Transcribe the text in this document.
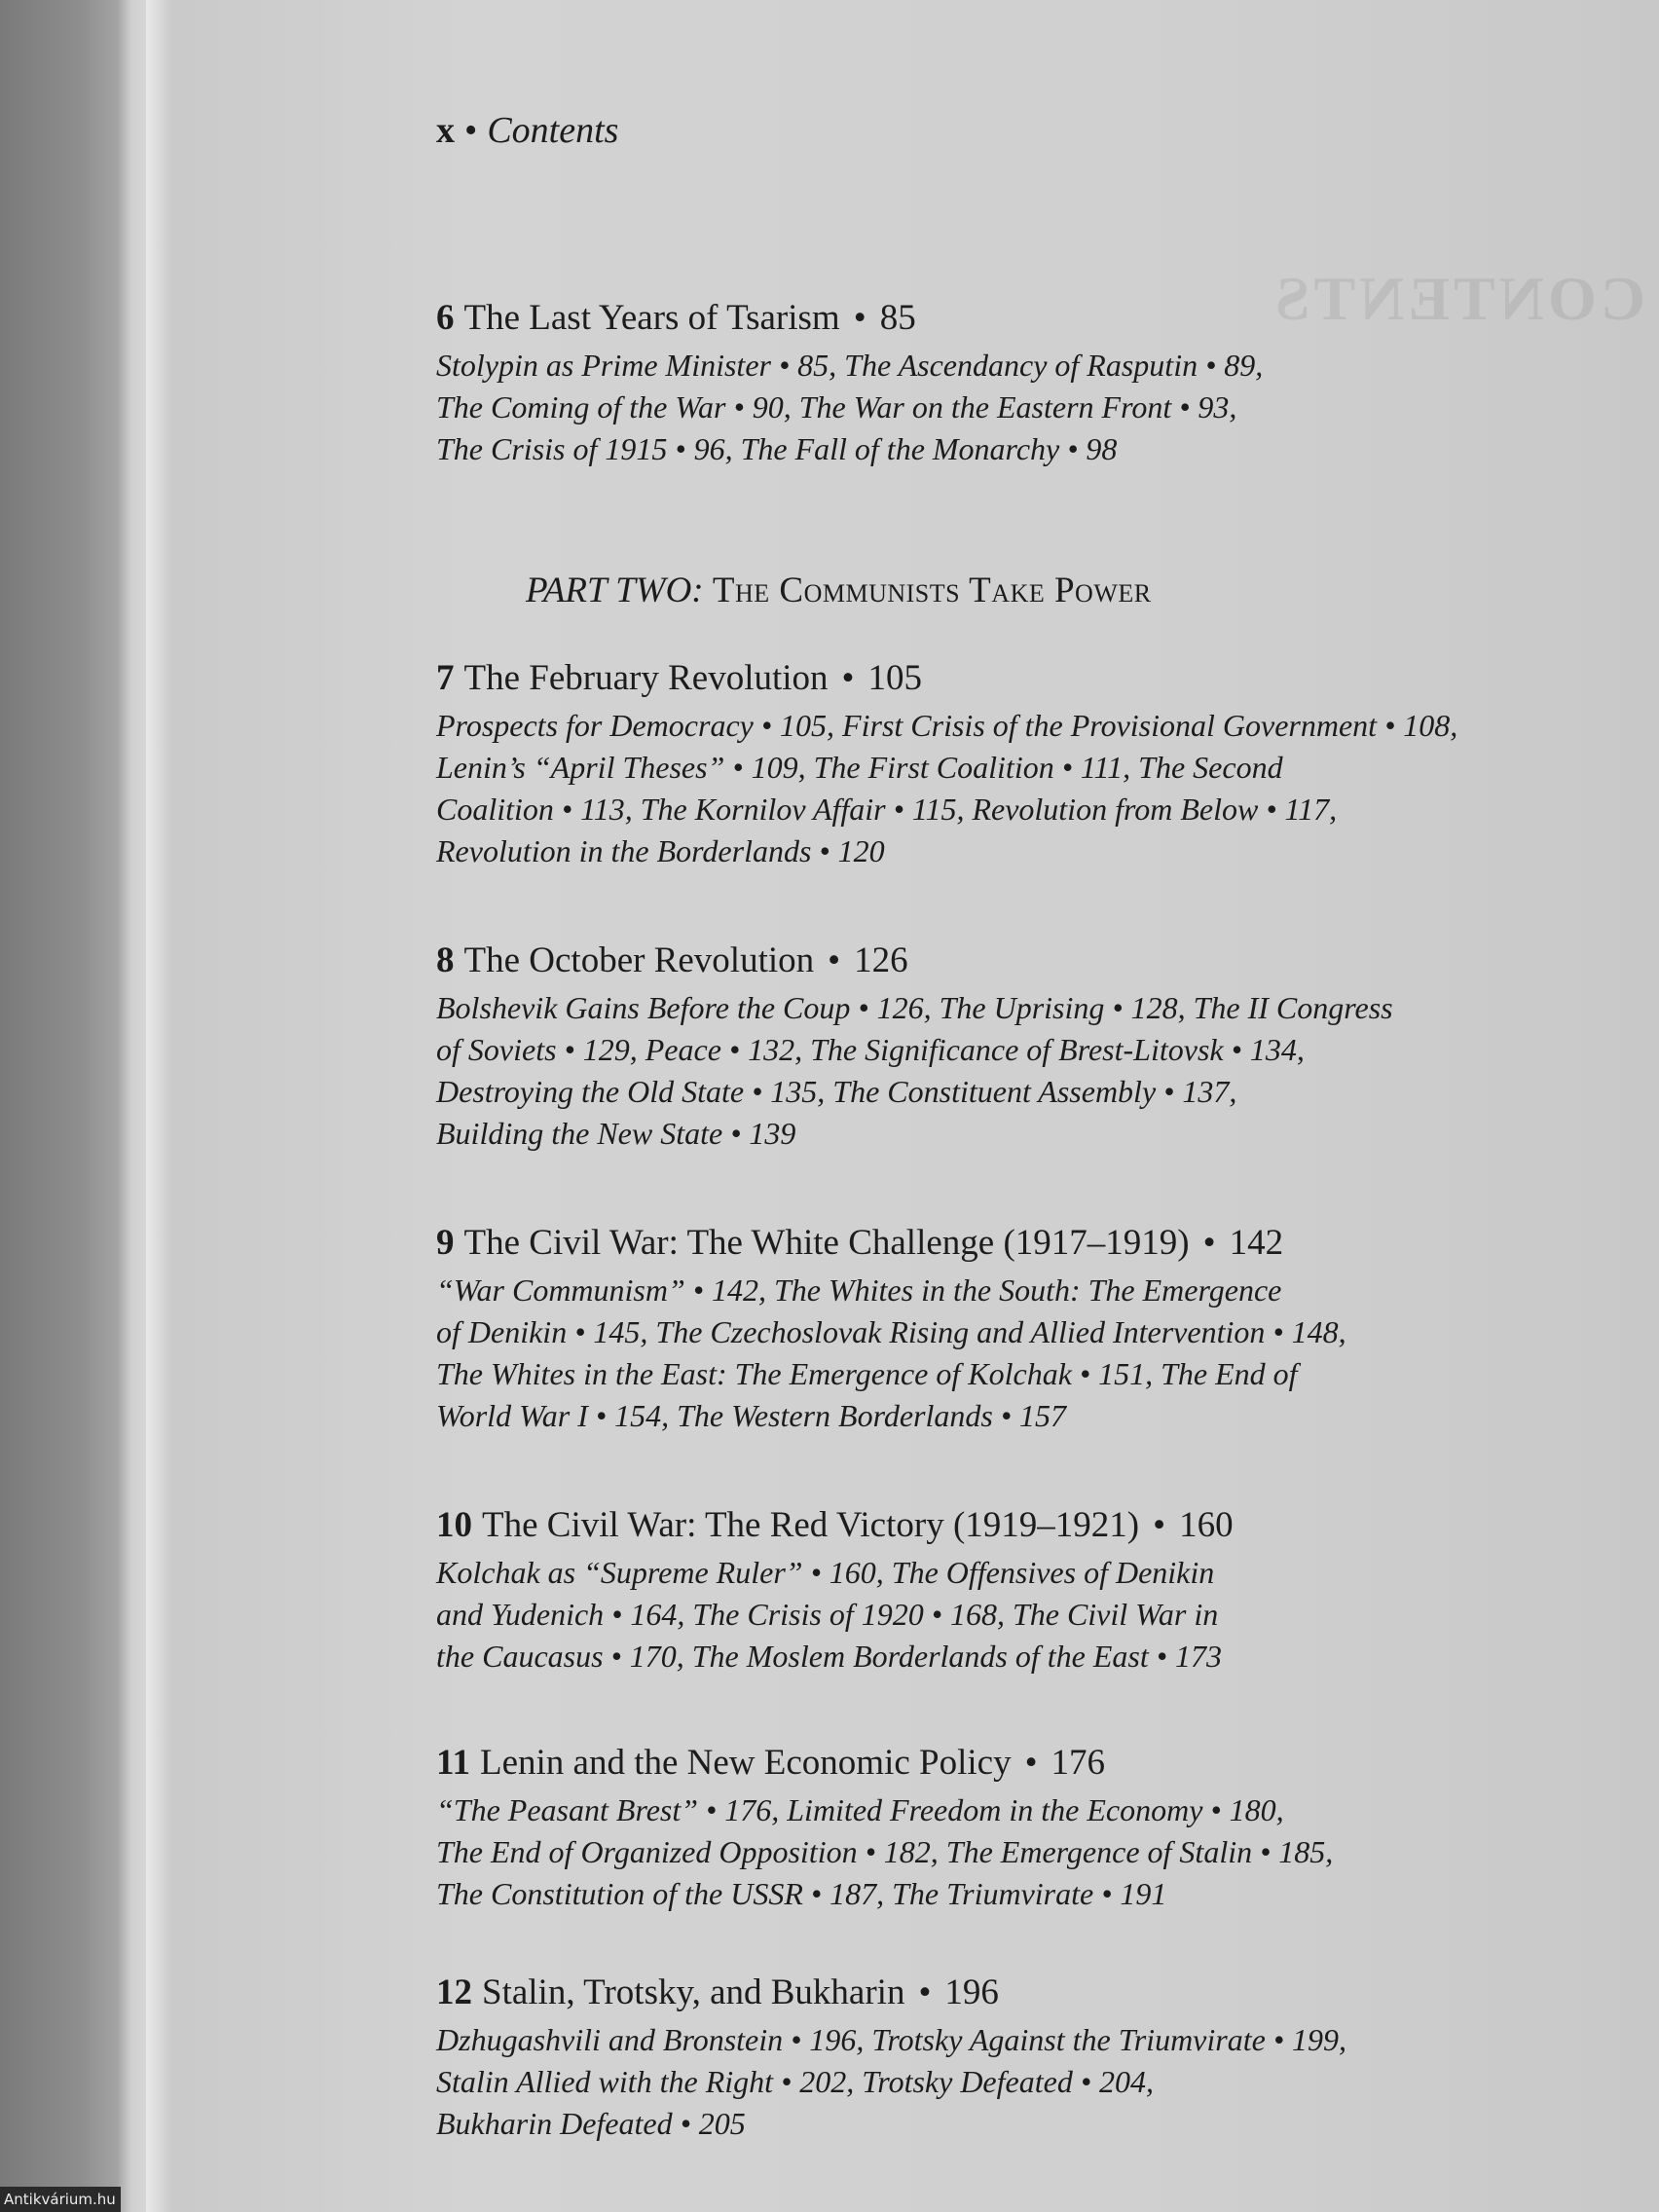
CONTENTS
x • Contents
6 The Last Years of Tsarism • 85
Stolypin as Prime Minister • 85, The Ascendancy of Rasputin • 89,
The Coming of the War • 90, The War on the Eastern Front • 93,
The Crisis of 1915 • 96, The Fall of the Monarchy • 98
PART TWO: The Communists Take Power
7 The February Revolution • 105
Prospects for Democracy • 105, First Crisis of the Provisional Government • 108,
Lenin’s “April Theses” • 109, The First Coalition • 111, The Second
Coalition • 113, The Kornilov Affair • 115, Revolution from Below • 117,
Revolution in the Borderlands • 120
8 The October Revolution • 126
Bolshevik Gains Before the Coup • 126, The Uprising • 128, The II Congress
of Soviets • 129, Peace • 132, The Significance of Brest-Litovsk • 134,
Destroying the Old State • 135, The Constituent Assembly • 137,
Building the New State • 139
9 The Civil War: The White Challenge (1917–1919) • 142
“War Communism” • 142, The Whites in the South: The Emergence
of Denikin • 145, The Czechoslovak Rising and Allied Intervention • 148,
The Whites in the East: The Emergence of Kolchak • 151, The End of
World War I • 154, The Western Borderlands • 157
10 The Civil War: The Red Victory (1919–1921) • 160
Kolchak as “Supreme Ruler” • 160, The Offensives of Denikin
and Yudenich • 164, The Crisis of 1920 • 168, The Civil War in
the Caucasus • 170, The Moslem Borderlands of the East • 173
11 Lenin and the New Economic Policy • 176
“The Peasant Brest” • 176, Limited Freedom in the Economy • 180,
The End of Organized Opposition • 182, The Emergence of Stalin • 185,
The Constitution of the USSR • 187, The Triumvirate • 191
12 Stalin, Trotsky, and Bukharin • 196
Dzhugashvili and Bronstein • 196, Trotsky Against the Triumvirate • 199,
Stalin Allied with the Right • 202, Trotsky Defeated • 204,
Bukharin Defeated • 205
Antikvárium.hu
